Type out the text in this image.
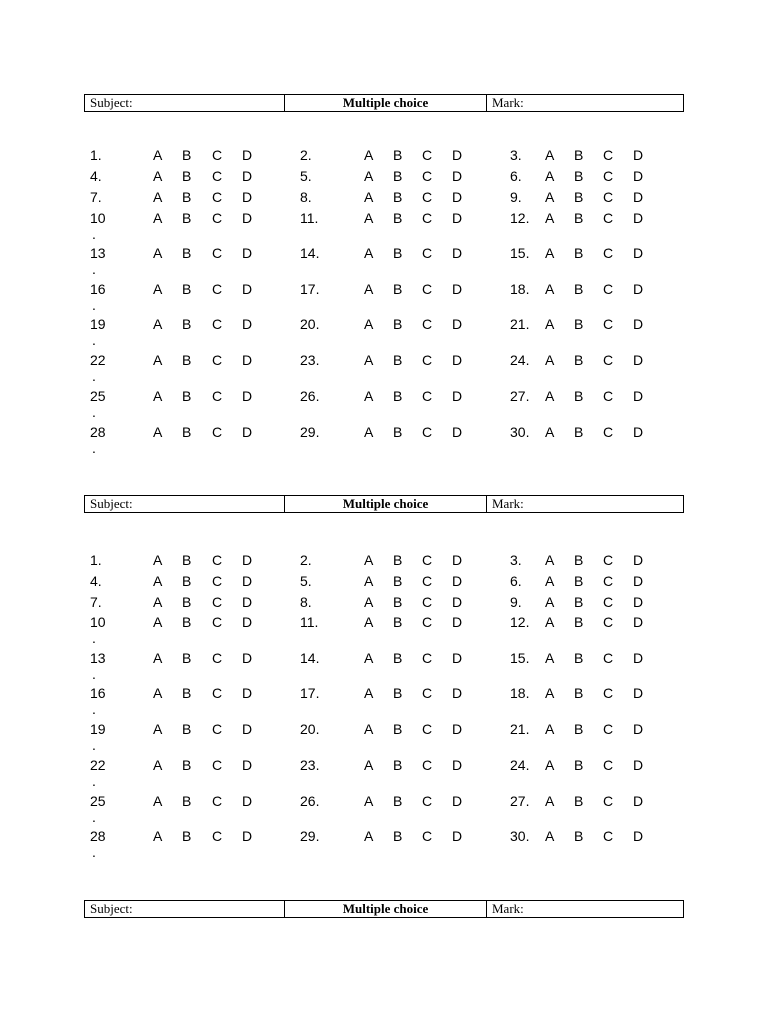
Subject:	Multiple choice	Mark:
1.	A B C D	2.	A B C D	3. A B C D
4.	A B C D	5.	A B C D	6. A B C D
7.	A B C D	8.	A B C D	9. A B C D
10	A B C D	11.	A B C D	12. A B C D
.
13	A B C D	14.	A B C D	15. A B C D
.
16	A B C D	17.	A B C D	18. A B C D
.
19	A B C D	20.	A B C D	21. A B C D
.
22	A B C D	23.	A B C D	24. A B C D
.
25	A B C D	26.	A B C D	27. A B C D
.
28	A B C D	29.	A B C D	30. A B C D
.
Subject:	Multiple choice	Mark:
1.	A B C D	2.	A B C D	3. A B C D
4.	A B C D	5.	A B C D	6. A B C D
7.	A B C D	8.	A B C D	9. A B C D
10	A B C D	11.	A B C D	12. A B C D
.
13	A B C D	14.	A B C D	15. A B C D
.
16	A B C D	17.	A B C D	18. A B C D
.
19	A B C D	20.	A B C D	21. A B C D
.
22	A B C D	23.	A B C D	24. A B C D
.
25	A B C D	26.	A B C D	27. A B C D
.
28	A B C D	29.	A B C D	30. A B C D
.
Subject:	Multiple choice	Mark:
